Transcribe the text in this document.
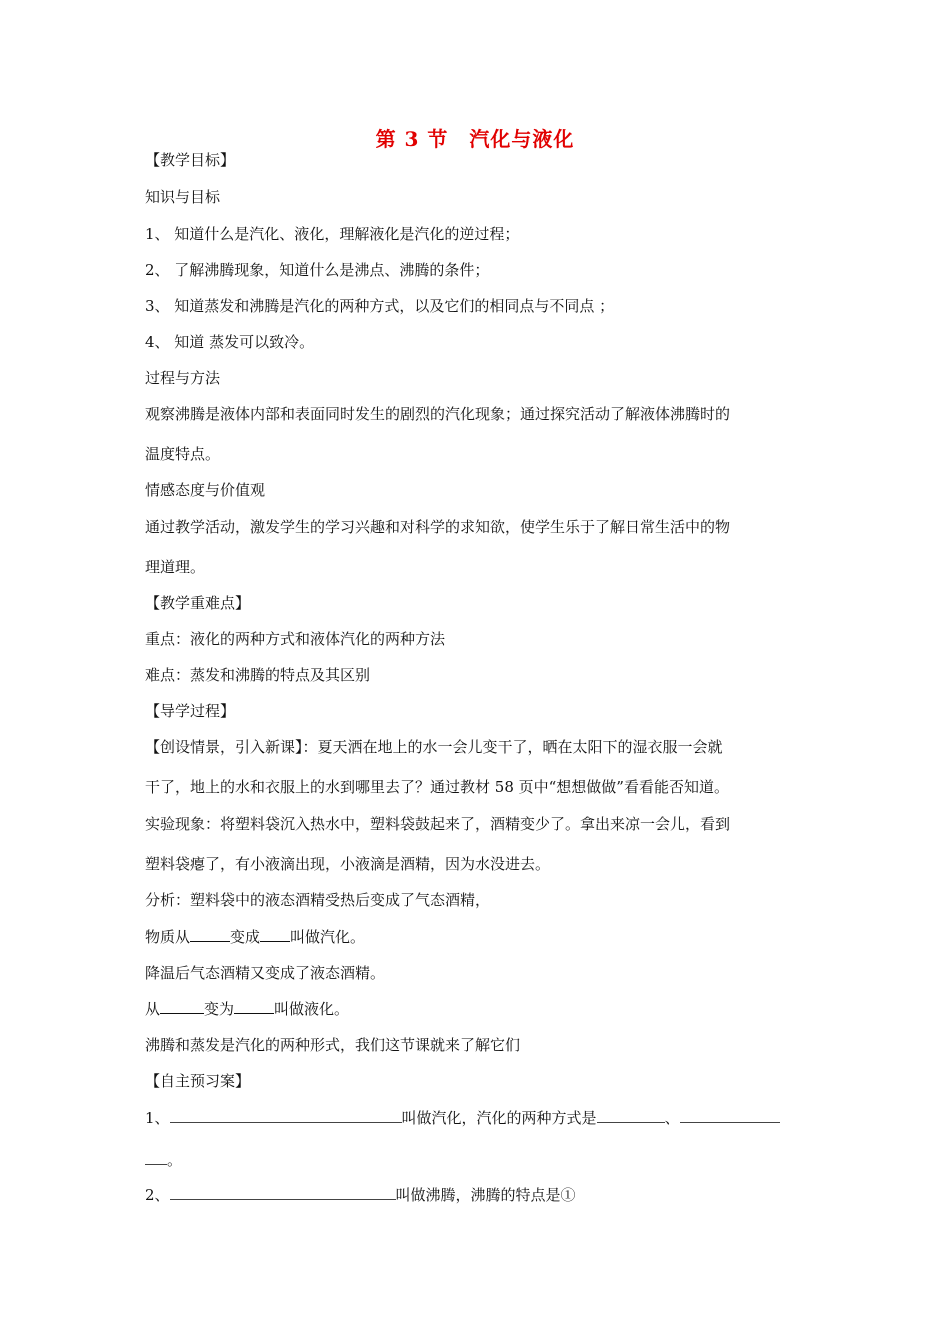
第 3 节　汽化与液化
【教学目标】
知识与目标
1、 知道什么是汽化、液化，理解液化是汽化的逆过程；
2、 了解沸腾现象，知道什么是沸点、沸腾的条件；
3、 知道蒸发和沸腾是汽化的两种方式，以及它们的相同点与不同点 ；
4、 知道 蒸发可以致冷。
过程与方法
观察沸腾是液体内部和表面同时发生的剧烈的汽化现象；通过探究活动了解液体沸腾时的
温度特点。
情感态度与价值观
通过教学活动，激发学生的学习兴趣和对科学的求知欲，使学生乐于了解日常生活中的物
理道理。
【教学重难点】
重点：液化的两种方式和液体汽化的两种方法
难点：蒸发和沸腾的特点及其区别
【导学过程】
【创设情景，引入新课】：夏天洒在地上的水一会儿变干了，晒在太阳下的湿衣服一会就
干了，地上的水和衣服上的水到哪里去了？通过教材 58 页中“想想做做”看看能否知道。
实验现象：将塑料袋沉入热水中，塑料袋鼓起来了，酒精变少了。拿出来凉一会儿，看到
塑料袋瘪了，有小液滴出现，小液滴是酒精，因为水没进去。
分析：塑料袋中的液态酒精受热后变成了气态酒精，
物质从	变成 叫做汽化。
降温后气态酒精又变成了液态酒精。
从	变为	叫做液化。
沸腾和蒸发是汽化的两种形式，我们这节课就来了解它们
【自主预习案】
1、	叫做汽化，汽化的两种方式是	、
。
2、	叫做沸腾，沸腾的特点是①
